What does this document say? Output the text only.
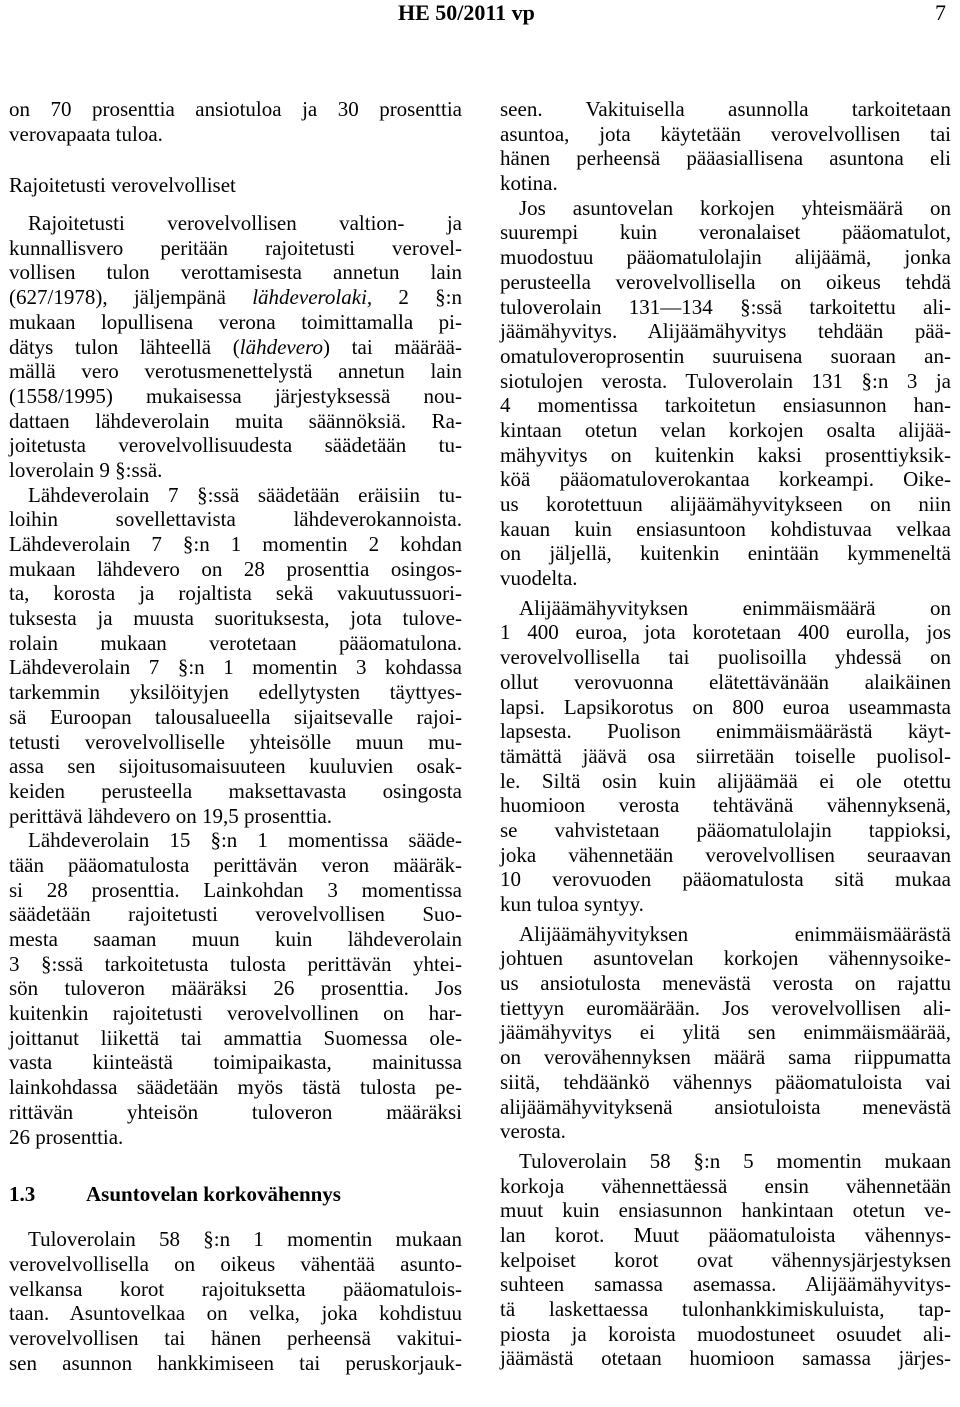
HE 50/2011 vp	7
on 70 prosenttia ansiotuloa ja 30 prosenttia
verovapaata tuloa.
Rajoitetusti verovelvolliset
Rajoitetusti verovelvollisen valtion- ja
kunnallisvero peritään rajoitetusti verovel-
vollisen tulon verottamisesta annetun lain
(627/1978), jäljempänä lähdeverolaki, 2 §:n
mukaan lopullisena verona toimittamalla pi-
dätys tulon lähteellä (lähdevero) tai määrää-
mällä vero verotusmenettelystä annetun lain
(1558/1995) mukaisessa järjestyksessä nou-
dattaen lähdeverolain muita säännöksiä. Ra-
joitetusta verovelvollisuudesta säädetään tu-
loverolain 9 §:ssä.
Lähdeverolain 7 §:ssä säädetään eräisiin tu-
loihin sovellettavista lähdeverokannoista.
Lähdeverolain 7 §:n 1 momentin 2 kohdan
mukaan lähdevero on 28 prosenttia osingos-
ta, korosta ja rojaltista sekä vakuutussuori-
tuksesta ja muusta suorituksesta, jota tulove-
rolain mukaan verotetaan pääomatulona.
Lähdeverolain 7 §:n 1 momentin 3 kohdassa
tarkemmin yksilöityjen edellytysten täyttyes-
sä Euroopan talousalueella sijaitsevalle rajoi-
tetusti verovelvolliselle yhteisölle muun mu-
assa sen sijoitusomaisuuteen kuuluvien osak-
keiden perusteella maksettavasta osingosta
perittävä lähdevero on 19,5 prosenttia.
Lähdeverolain 15 §:n 1 momentissa sääde-
tään pääomatulosta perittävän veron määräk-
si 28 prosenttia. Lainkohdan 3 momentissa
säädetään rajoitetusti verovelvollisen Suo-
mesta saaman muun kuin lähdeverolain
3 §:ssä tarkoitetusta tulosta perittävän yhtei-
sön tuloveron määräksi 26 prosenttia. Jos
kuitenkin rajoitetusti verovelvollinen on har-
joittanut liikettä tai ammattia Suomessa ole-
vasta kiinteästä toimipaikasta, mainitussa
lainkohdassa säädetään myös tästä tulosta pe-
rittävän yhteisön tuloveron määräksi
26 prosenttia.
1.3 Asuntovelan korkovähennys
Tuloverolain 58 §:n 1 momentin mukaan
verovelvollisella on oikeus vähentää asunto-
velkansa korot rajoituksetta pääomatulois-
taan. Asuntovelkaa on velka, joka kohdistuu
verovelvollisen tai hänen perheensä vakitui-
sen asunnon hankkimiseen tai peruskorjauk-
seen. Vakituisella asunnolla tarkoitetaan
asuntoa, jota käytetään verovelvollisen tai
hänen perheensä pääasiallisena asuntona eli
kotina.
Jos asuntovelan korkojen yhteismäärä on
suurempi kuin veronalaiset pääomatulot,
muodostuu pääomatulolajin alijäämä, jonka
perusteella verovelvollisella on oikeus tehdä
tuloverolain 131—134 §:ssä tarkoitettu ali-
jäämähyvitys. Alijäämähyvitys tehdään pää-
omatuloveroprosentin suuruisena suoraan an-
siotulojen verosta. Tuloverolain 131 §:n 3 ja
4 momentissa tarkoitetun ensiasunnon han-
kintaan otetun velan korkojen osalta alijää-
mähyvitys on kuitenkin kaksi prosenttiyksik-
köä pääomatuloverokantaa korkeampi. Oike-
us korotettuun alijäämähyvitykseen on niin
kauan kuin ensiasuntoon kohdistuvaa velkaa
on jäljellä, kuitenkin enintään kymmeneltä
vuodelta.
Alijäämähyvityksen enimmäismäärä on
1 400 euroa, jota korotetaan 400 eurolla, jos
verovelvollisella tai puolisoilla yhdessä on
ollut verovuonna elätettävänään alaikäinen
lapsi. Lapsikorotus on 800 euroa useammasta
lapsesta. Puolison enimmäismäärästä käyt-
tämättä jäävä osa siirretään toiselle puolisol-
le. Siltä osin kuin alijäämää ei ole otettu
huomioon verosta tehtävänä vähennyksenä,
se vahvistetaan pääomatulolajin tappioksi,
joka vähennetään verovelvollisen seuraavan
10 verovuoden pääomatulosta sitä mukaa
kun tuloa syntyy.
Alijäämähyvityksen enimmäismäärästä
johtuen asuntovelan korkojen vähennysoike-
us ansiotulosta menevästä verosta on rajattu
tiettyyn euromäärään. Jos verovelvollisen ali-
jäämähyvitys ei ylitä sen enimmäismäärää,
on verovähennyksen määrä sama riippumatta
siitä, tehdäänkö vähennys pääomatuloista vai
alijäämähyvityksenä ansiotuloista menevästä
verosta.
Tuloverolain 58 §:n 5 momentin mukaan
korkoja vähennettäessä ensin vähennetään
muut kuin ensiasunnon hankintaan otetun ve-
lan korot. Muut pääomatuloista vähennys-
kelpoiset korot ovat vähennysjärjestyksen
suhteen samassa asemassa. Alijäämähyvitys-
tä laskettaessa tulonhankkimiskuluista, tap-
piosta ja koroista muodostuneet osuudet ali-
jäämästä otetaan huomioon samassa järjes-
